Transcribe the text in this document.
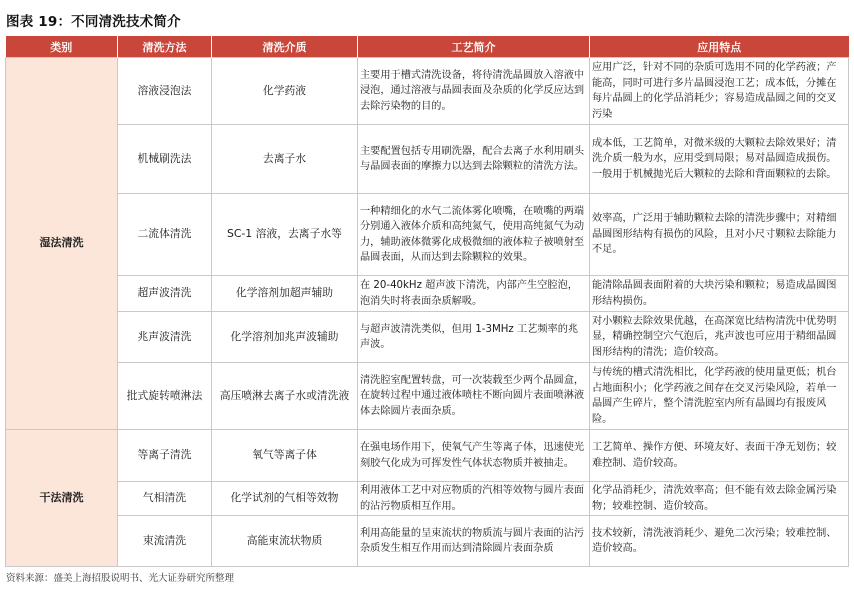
图表 19：不同清洗技术简介
类别	清洗方法	清洗介质	工艺简介	应用特点
湿法清洗	溶液浸泡法	化学药液	主要用于槽式清洗设备，将待清洗晶圆放入溶液中浸泡，通过溶液与晶圆表面及杂质的化学反应达到去除污染物的目的。	应用广泛，针对不同的杂质可选用不同的化学药液；产能高，同时可进行多片晶圆浸泡工艺；成本低，分摊在每片晶圆上的化学品消耗少；容易造成晶圆之间的交叉污染
	机械刷洗法	去离子水	主要配置包括专用刷洗器，配合去离子水利用刷头与晶圆表面的摩擦力以达到去除颗粒的清洗方法。	成本低，工艺简单，对微米级的大颗粒去除效果好；清洗介质一般为水，应用受到局限；易对晶圆造成损伤。一般用于机械抛光后大颗粒的去除和背面颗粒的去除。
	二流体清洗	SC-1 溶液，去离子水等	一种精细化的水气二流体雾化喷嘴，在喷嘴的两端分别通入液体介质和高纯氮气，使用高纯氮气为动力，辅助液体微雾化成极微细的液体粒子被喷射至晶圆表面，从而达到去除颗粒的效果。	效率高，广泛用于辅助颗粒去除的清洗步骤中；对精细晶圆图形结构有损伤的风险，且对小尺寸颗粒去除能力不足。
	超声波清洗	化学溶剂加超声辅助	在 20-40kHz 超声波下清洗，内部产生空腔泡，泡消失时将表面杂质解吸。	能清除晶圆表面附着的大块污染和颗粒；易造成晶圆图形结构损伤。
	兆声波清洗	化学溶剂加兆声波辅助	与超声波清洗类似，但用 1-3MHz 工艺频率的兆声波。	对小颗粒去除效果优越，在高深宽比结构清洗中优势明显，精确控制空穴气泡后，兆声波也可应用于精细晶圆图形结构的清洗；造价较高。
	批式旋转喷淋法	高压喷淋去离子水或清洗液	清洗腔室配置转盘，可一次装载至少两个晶圆盒，在旋转过程中通过液体喷柱不断向圆片表面喷淋液体去除圆片表面杂质。	与传统的槽式清洗相比，化学药液的使用量更低；机台占地面积小；化学药液之间存在交叉污染风险，若单一晶圆产生碎片，整个清洗腔室内所有晶圆均有报废风险。
干法清洗	等离子清洗	氧气等离子体	在强电场作用下，使氧气产生等离子体，迅速使光刻胶气化成为可挥发性气体状态物质并被抽走。	工艺简单、操作方便、环境友好、表面干净无划伤；较难控制、造价较高。
	气相清洗	化学试剂的气相等效物	利用液体工艺中对应物质的汽相等效物与圆片表面的沾污物质相互作用。	化学品消耗少，清洗效率高；但不能有效去除金属污染物；较难控制、造价较高。
	束流清洗	高能束流状物质	利用高能量的呈束流状的物质流与圆片表面的沾污杂质发生相互作用而达到清除圆片表面杂质	技术较新，清洗液消耗少、避免二次污染；较难控制、造价较高。
资料来源：盛美上海招股说明书、光大证券研究所整理
